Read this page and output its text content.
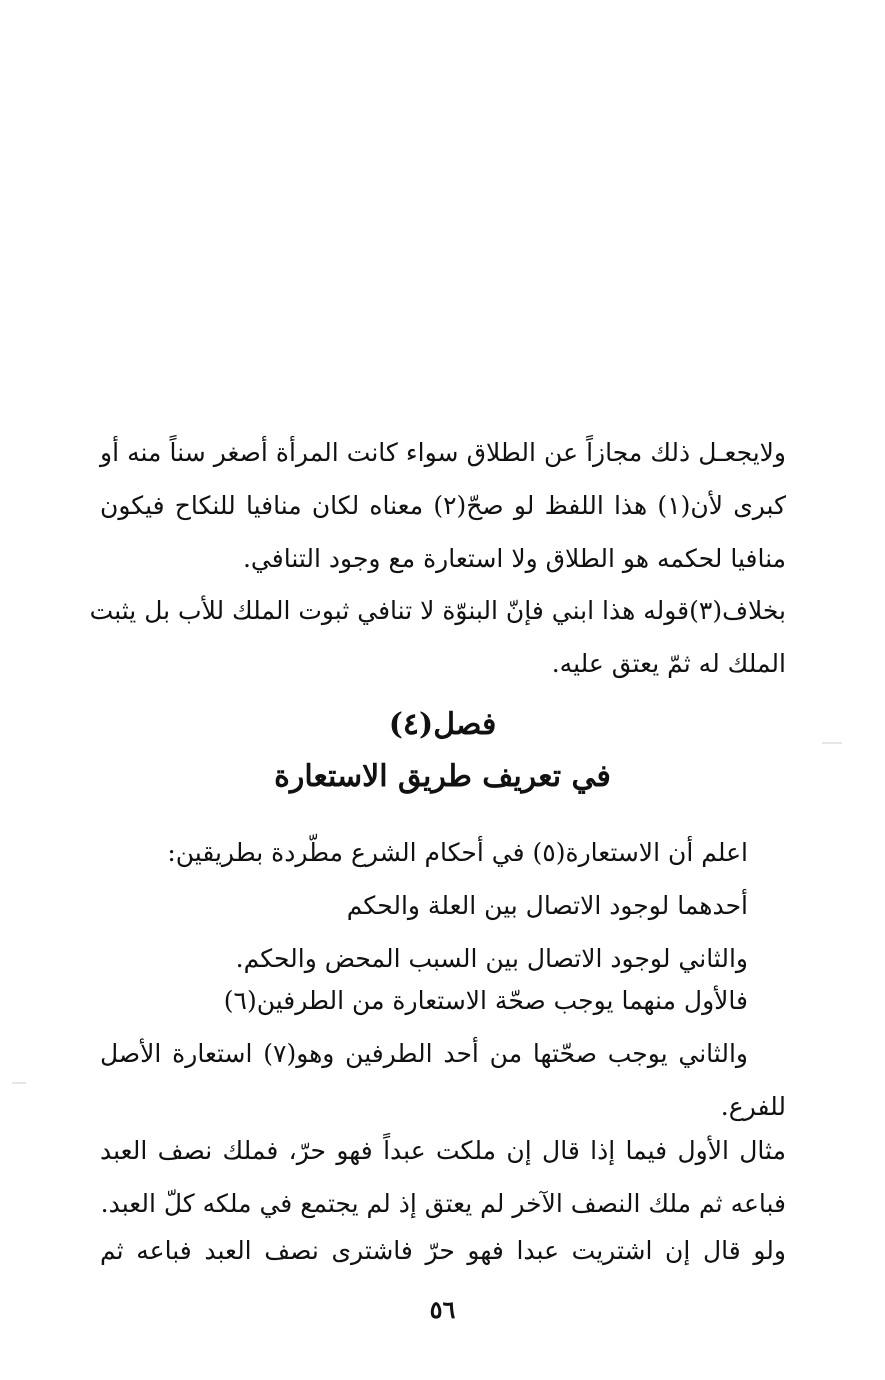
ولايجعـل ذلك مجازاً عن الطلاق سواء كانت المرأة أصغر سناً منه أو
كبرى لأن(١) هذا اللفظ لو صحّ(٢) معناه لكان منافيا للنكاح فيكون
منافيا لحكمه هو الطلاق ولا استعارة مع وجود التنافي.
بخلاف(٣)قوله هذا ابني فإنّ البنوّة لا تنافي ثبوت الملك للأب بل يثبت
الملك له ثمّ يعتق عليه.
فصل(٤)
في تعريف طريق الاستعارة
اعلم أن الاستعارة(٥) في أحكام الشرع مطّردة بطريقين:
أحدهما لوجود الاتصال بين العلة والحكم
والثاني لوجود الاتصال بين السبب المحض والحكم.
فالأول منهما يوجب صحّة الاستعارة من الطرفين(٦)
والثاني يوجب صحّتها من أحد الطرفين وهو(٧) استعارة الأصل
للفرع.
مثال الأول فيما إذا قال إن ملكت عبداً فهو حرّ، فملك نصف العبد
فباعه ثم ملك النصف الآخر لم يعتق إذ لم يجتمع في ملكه كلّ العبد.
ولو قال إن اشتريت عبدا فهو حرّ فاشترى نصف العبد فباعه ثم
٥٦
